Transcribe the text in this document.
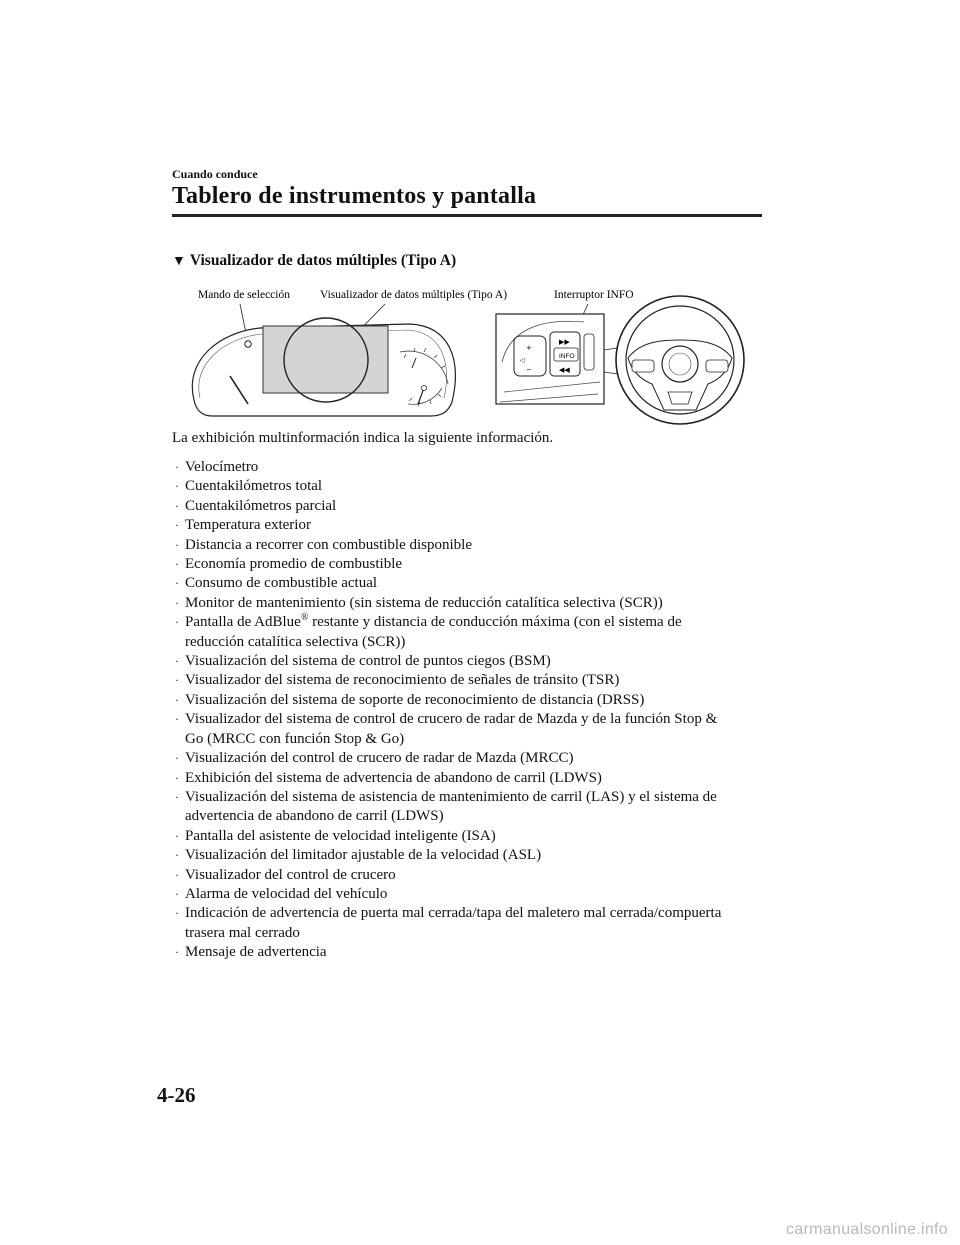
Cuando conduce
Tablero de instrumentos y pantalla
▼ Visualizador de datos múltiples (Tipo A)
Mando de selección	Visualizador de datos múltiples (Tipo A)	Interruptor INFO
+
◁
−
▶▶
INFO
◀◀
La exhibición multinformación indica la siguiente información.
· Velocímetro
· Cuentakilómetros total
· Cuentakilómetros parcial
· Temperatura exterior
· Distancia a recorrer con combustible disponible
· Economía promedio de combustible
· Consumo de combustible actual
· Monitor de mantenimiento (sin sistema de reducción catalítica selectiva (SCR))
· Pantalla de AdBlue® restante y distancia de conducción máxima (con el sistema de
reducción catalítica selectiva (SCR))
· Visualización del sistema de control de puntos ciegos (BSM)
· Visualizador del sistema de reconocimiento de señales de tránsito (TSR)
· Visualización del sistema de soporte de reconocimiento de distancia (DRSS)
· Visualizador del sistema de control de crucero de radar de Mazda y de la función Stop &
Go (MRCC con función Stop & Go)
· Visualización del control de crucero de radar de Mazda (MRCC)
· Exhibición del sistema de advertencia de abandono de carril (LDWS)
· Visualización del sistema de asistencia de mantenimiento de carril (LAS) y el sistema de
advertencia de abandono de carril (LDWS)
· Pantalla del asistente de velocidad inteligente (ISA)
· Visualización del limitador ajustable de la velocidad (ASL)
· Visualizador del control de crucero
· Alarma de velocidad del vehículo
· Indicación de advertencia de puerta mal cerrada/tapa del maletero mal cerrada/compuerta
trasera mal cerrado
· Mensaje de advertencia
4-26
carmanualsonline.info
